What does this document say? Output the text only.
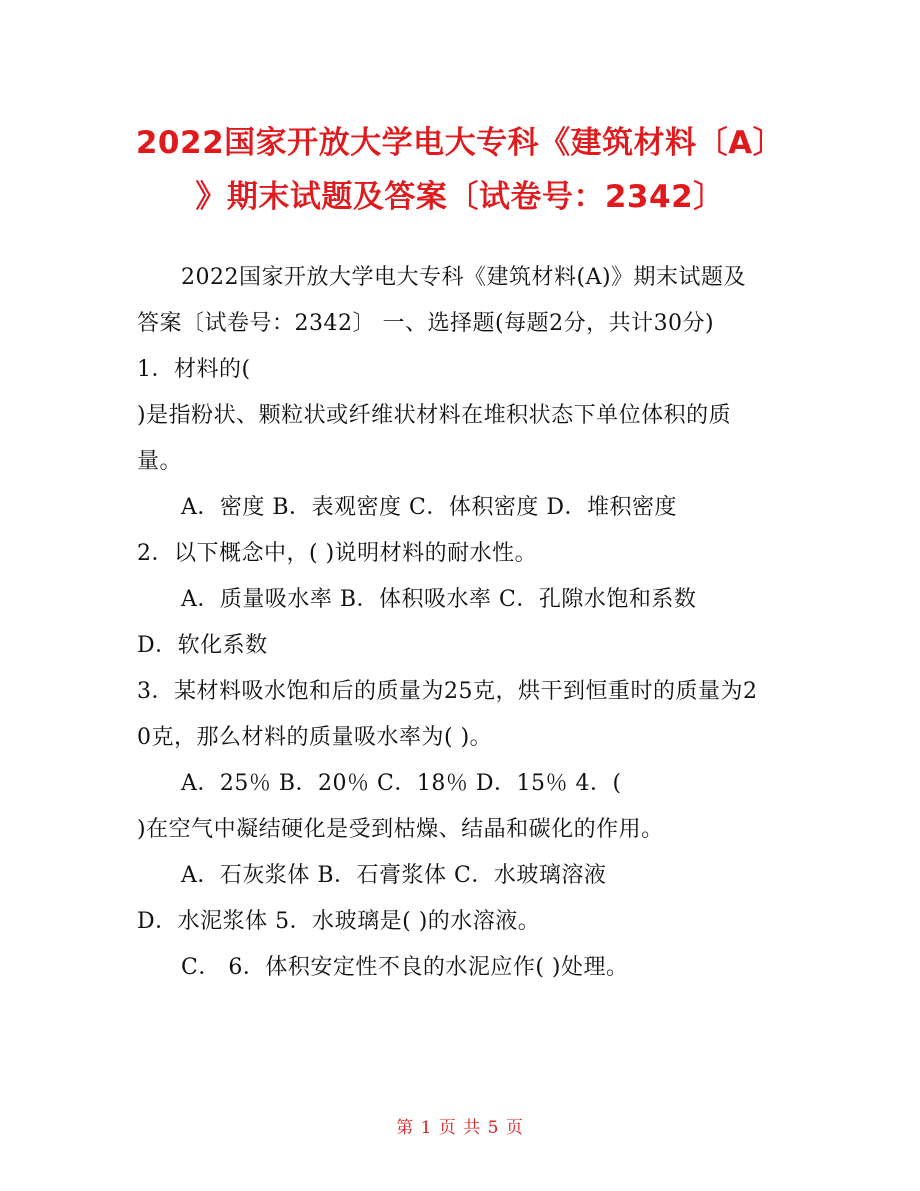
2022国家开放大学电大专科《建筑材料〔A〕
》期末试题及答案〔试卷号：2342〕
2022国家开放大学电大专科《建筑材料(A)》期末试题及
答案〔试卷号：2342〕 一、选择题(每题2分，共计30分)
1．材料的(
)是指粉状、颗粒状或纤维状材料在堆积状态下单位体积的质
量。
A．密度 B．表观密度 C．体积密度 D．堆积密度
2．以下概念中，( )说明材料的耐水性。
A．质量吸水率 B．体积吸水率 C．孔隙水饱和系数
D．软化系数
3．某材料吸水饱和后的质量为25克，烘干到恒重时的质量为2
0克，那么材料的质量吸水率为( )。
A．25％ B．20％ C．18％ D．15％ 4．(
)在空气中凝结硬化是受到枯燥、结晶和碳化的作用。
A．石灰浆体 B．石膏浆体 C．水玻璃溶液
D．水泥浆体 5．水玻璃是( )的水溶液。
C． 6．体积安定性不良的水泥应作( )处理。
第 1 页 共 5 页
